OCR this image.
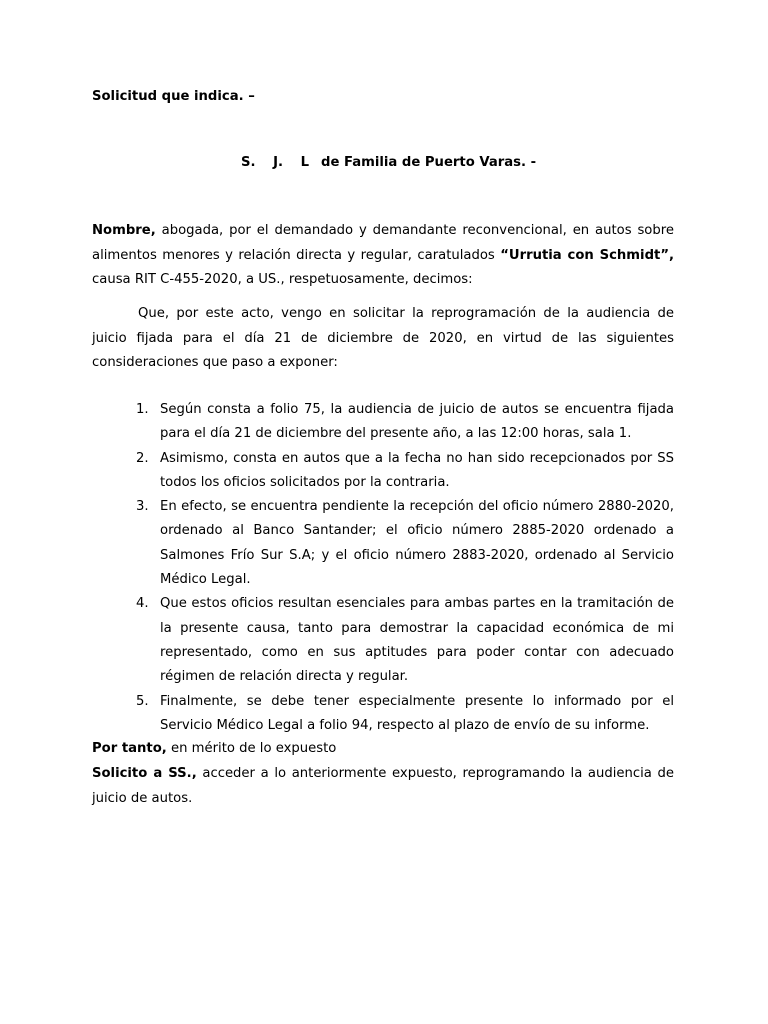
Solicitud que indica. –
S. J. L de Familia de Puerto Varas. -
Nombre, abogada, por el demandado y demandante reconvencional, en autos sobre alimentos menores y relación directa y regular, caratulados “Urrutia con Schmidt”, causa RIT C-455-2020, a US., respetuosamente, decimos:
Que, por este acto, vengo en solicitar la reprogramación de la audiencia de juicio fijada para el día 21 de diciembre de 2020, en virtud de las siguientes consideraciones que paso a exponer:
1. Según consta a folio 75, la audiencia de juicio de autos se encuentra fijada para el día 21 de diciembre del presente año, a las 12:00 horas, sala 1.
2. Asimismo, consta en autos que a la fecha no han sido recepcionados por SS todos los oficios solicitados por la contraria.
3. En efecto, se encuentra pendiente la recepción del oficio número 2880-2020, ordenado al Banco Santander; el oficio número 2885-2020 ordenado a Salmones Frío Sur S.A; y el oficio número 2883-2020, ordenado al Servicio Médico Legal.
4. Que estos oficios resultan esenciales para ambas partes en la tramitación de la presente causa, tanto para demostrar la capacidad económica de mi representado, como en sus aptitudes para poder contar con adecuado régimen de relación directa y regular.
5. Finalmente, se debe tener especialmente presente lo informado por el Servicio Médico Legal a folio 94, respecto al plazo de envío de su informe.
Por tanto, en mérito de lo expuesto
Solicito a SS., acceder a lo anteriormente expuesto, reprogramando la audiencia de juicio de autos.
